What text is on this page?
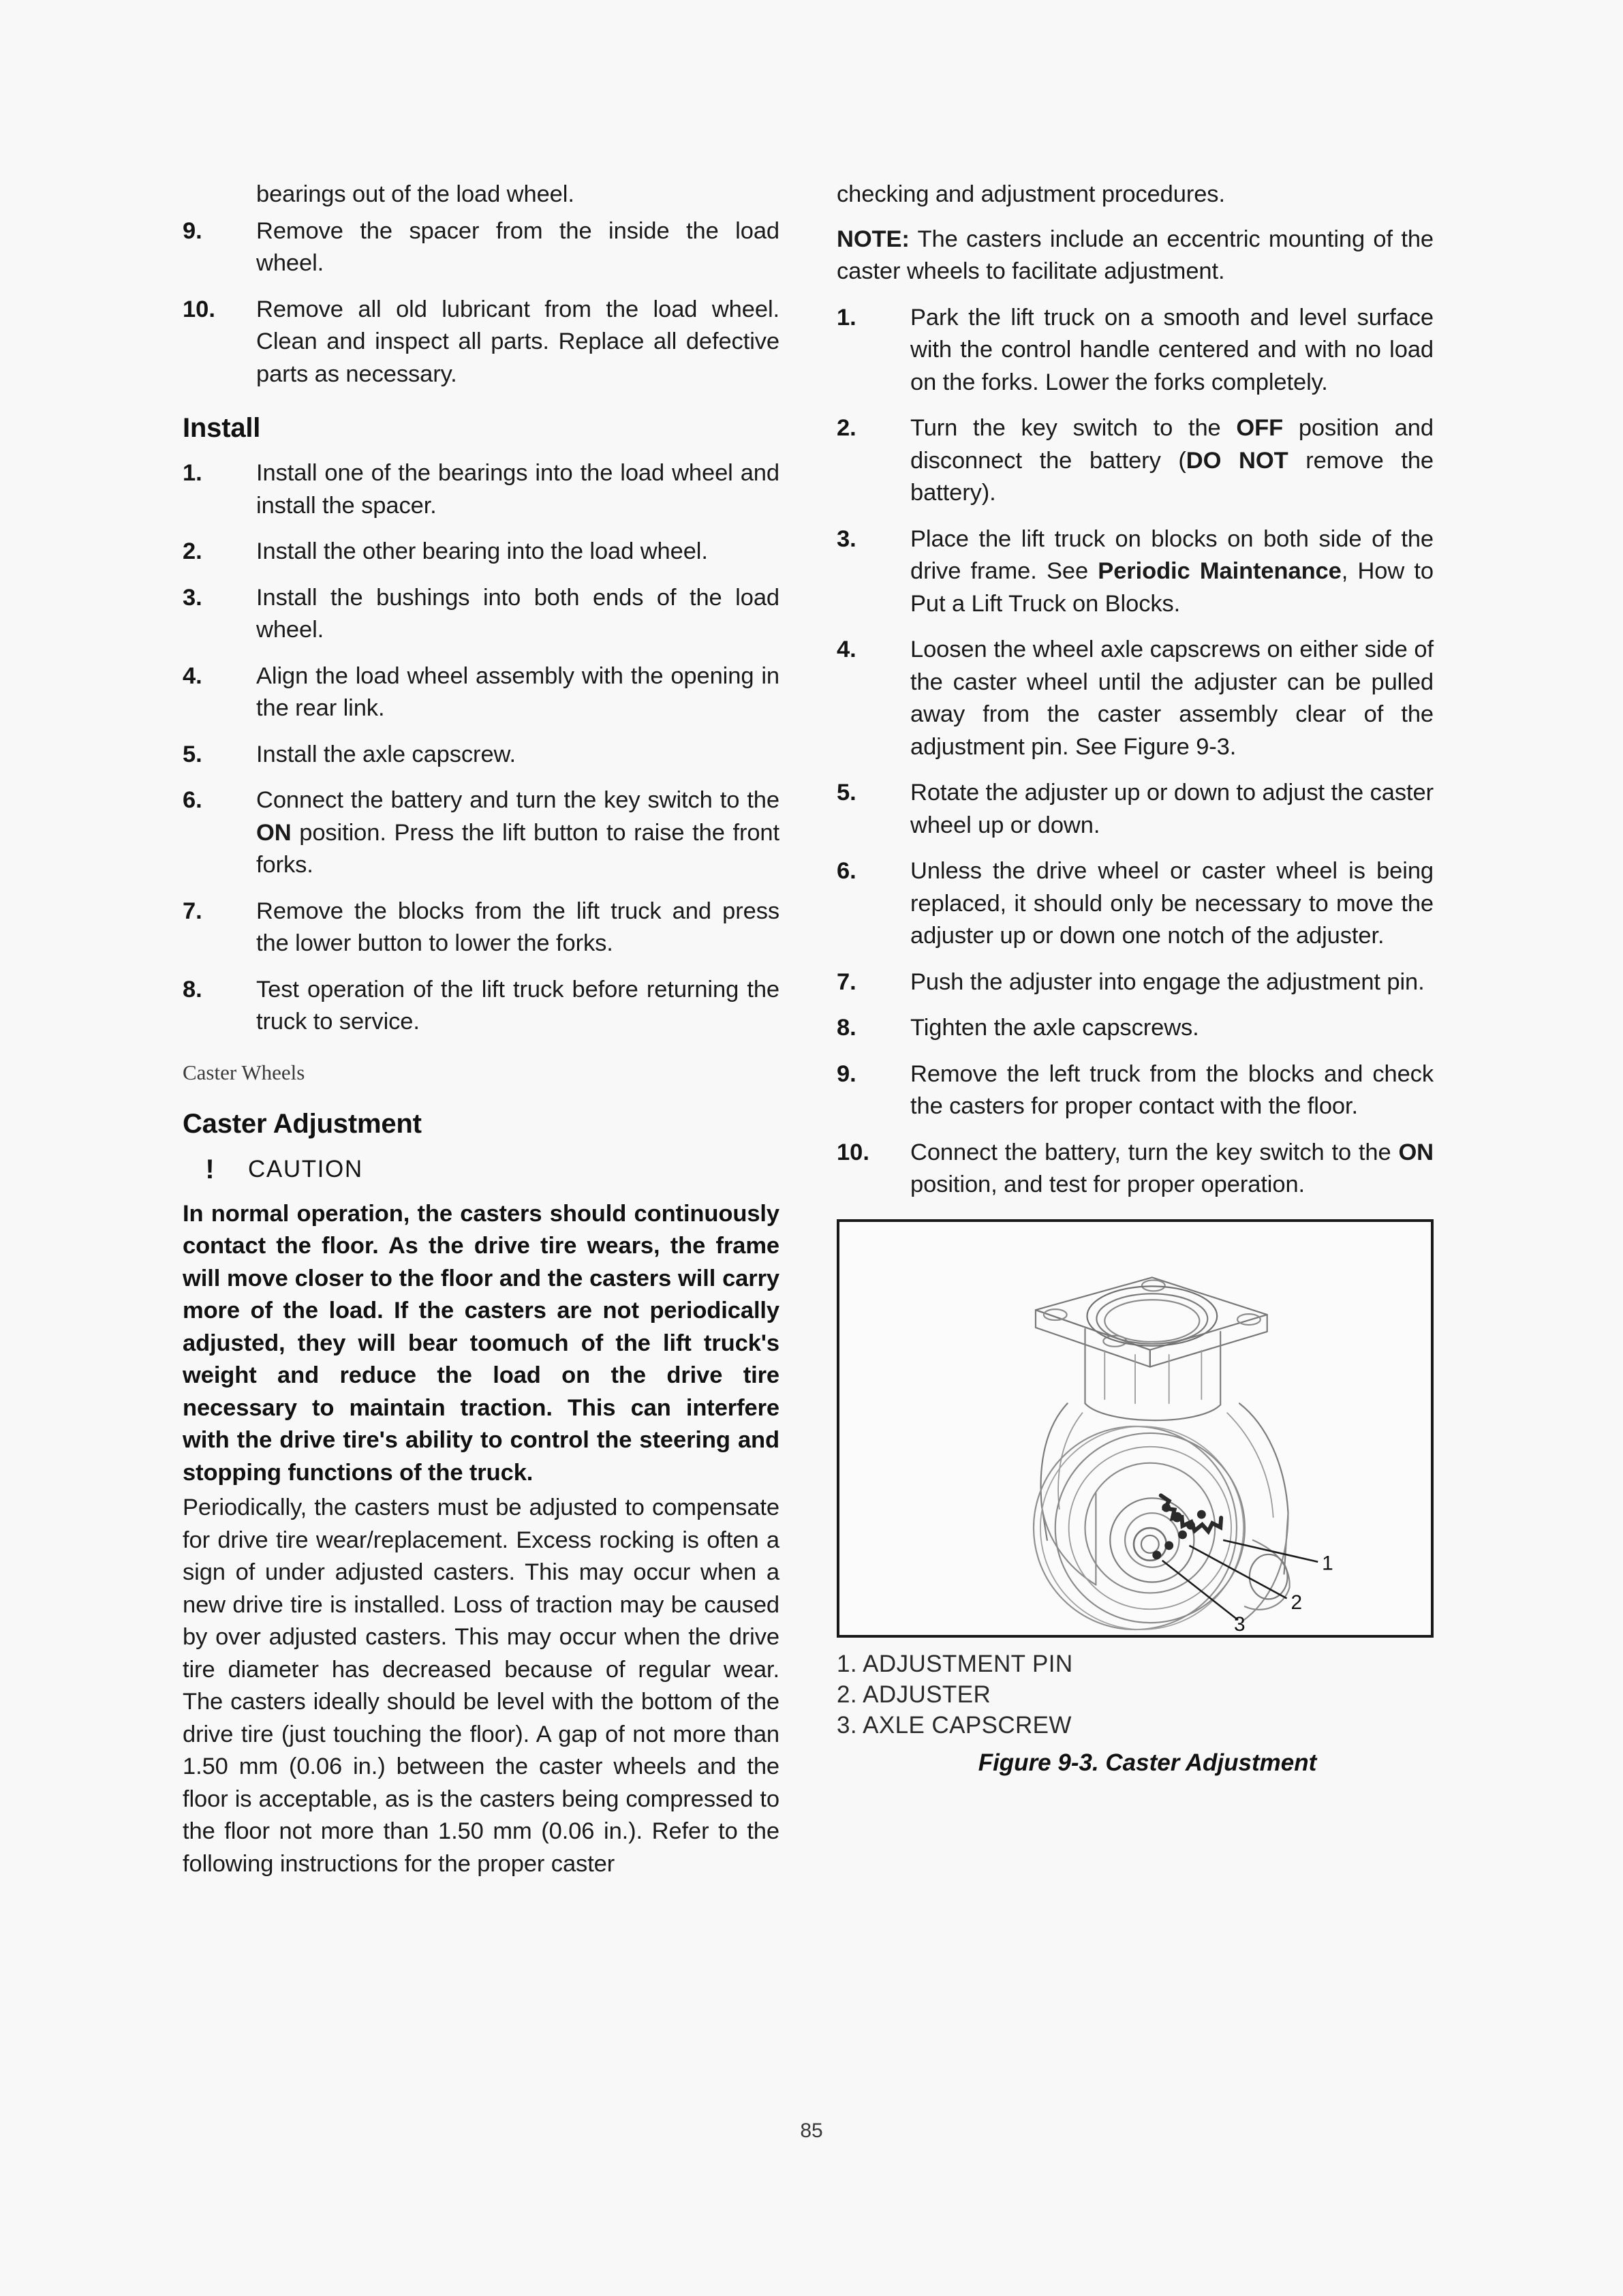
bearings out of the load wheel.

9.	Remove the spacer from the inside the load wheel.
10.	Remove all old lubricant from the load wheel. Clean and inspect all parts. Replace all defective parts as necessary.
Install
1.	Install one of the bearings into the load wheel and install the spacer.
2.	Install the other bearing into the load wheel.
3.	Install the bushings into both ends of the load wheel.
4.	Align the load wheel assembly with the opening in the rear link.
5.	Install the axle capscrew.
6.	Connect the battery and turn the key switch to the ON position. Press the lift button to raise the front forks.
7.	Remove the blocks from the lift truck and press the lower button to lower the forks.
8.	Test operation of the lift truck before returning the truck to service.
Caster Wheels
Caster Adjustment
!	CAUTION

In normal operation, the casters should continuously contact the floor. As the drive tire wears, the frame will move closer to the floor and the casters will carry more of the load. If the casters are not periodically adjusted, they will bear toomuch of the lift truck's weight and reduce the load on the drive tire necessary to maintain traction. This can interfere with the drive tire's ability to control the steering and stopping functions of the truck.

Periodically, the casters must be adjusted to compensate for drive tire wear/replacement. Excess rocking is often a sign of under adjusted casters. This may occur when a new drive tire is installed. Loss of traction may be caused by over adjusted casters. This may occur when the drive tire diameter has decreased because of regular wear. The casters ideally should be level with the bottom of the drive tire (just touching the floor). A gap of not more than 1.50 mm (0.06 in.) between the caster wheels and the floor is acceptable, as is the casters being compressed to the floor not more than 1.50 mm (0.06 in.). Refer to the following instructions for the proper caster

checking and adjustment procedures.

NOTE: The casters include an eccentric mounting of the caster wheels to facilitate adjustment.

1.	Park the lift truck on a smooth and level surface with the control handle centered and with no load on the forks. Lower the forks completely.
2.	Turn the key switch to the OFF position and disconnect the battery (DO NOT remove the battery).
3.	Place the lift truck on blocks on both side of the drive frame. See Periodic Maintenance, How to Put a Lift Truck on Blocks.
4.	Loosen the wheel axle capscrews on either side of the caster wheel until the adjuster can be pulled away from the caster assembly clear of the adjustment pin. See Figure 9-3.
5.	Rotate the adjuster up or down to adjust the caster wheel up or down.
6.	Unless the drive wheel or caster wheel is being replaced, it should only be necessary to move the adjuster up or down one notch of the adjuster.
7.	Push the adjuster into engage the adjustment pin.
8.	Tighten the axle capscrews.
9.	Remove the left truck from the blocks and check the casters for proper contact with the floor.
10.	Connect the battery, turn the key switch to the ON position, and test for proper operation.
1
2
3
1. ADJUSTMENT PIN
2. ADJUSTER
3. AXLE CAPSCREW
Figure 9-3. Caster Adjustment
85
